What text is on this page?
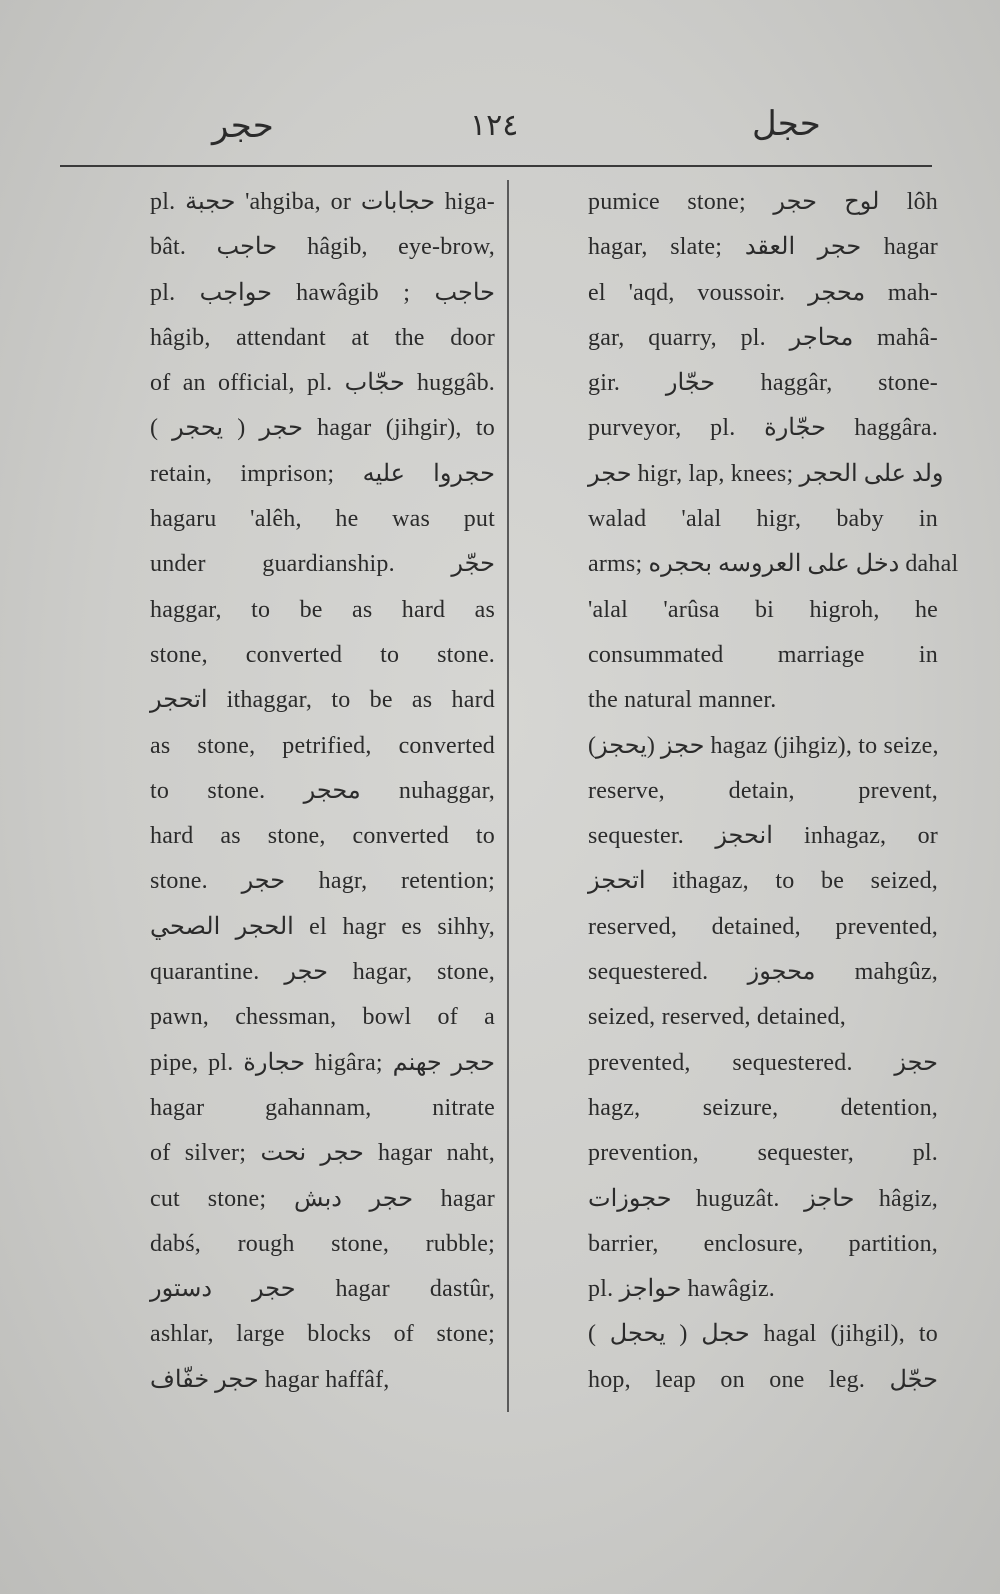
حجر	١٢٤	حجل
pl. حجبة 'ahgiba, or حجابات higa-
bât. حاجب hâgib, eye-brow,
pl. حواجب hawâgib ; حاجب
hâgib, attendant at the door
of an official, pl. حجّاب huggâb.
حجر ( يحجر ) hagar (jihgir), to
retain, imprison; حجروا عليه
hagaru 'alêh, he was put
under guardianship. حجّر
haggar, to be as hard as
stone, converted to stone.
اتحجر ithaggar, to be as hard
as stone, petrified, converted
to stone. محجر nuhaggar,
hard as stone, converted to
stone. حجر hagr, retention;
الحجر الصحي el hagr es sihhy,
quarantine. حجر hagar, stone,
pawn, chessman, bowl of a
pipe, pl. حجارة higâra; حجر جهنم
hagar gahannam, nitrate
of silver; حجر نحت hagar naht,
cut stone; حجر دبش hagar
dabś, rough stone, rubble;
حجر دستور hagar dastûr,
ashlar, large blocks of stone;
حجر خفّاف hagar haffâf,
pumice stone; لوح حجر lôh
hagar, slate; حجر العقد hagar
el 'aqd, voussoir. محجر mah-
gar, quarry, pl. محاجر mahâ-
gir. حجّار haggâr, stone-
purveyor, pl. حجّارة haggâra.
حجر higr, lap, knees; ولد على الحجر
walad 'alal higr, baby in
arms; دخل على العروسه بحجره dahal
'alal 'arûsa bi higroh, he
consummated marriage in
the natural manner.
حجز (يحجز) hagaz (jihgiz), to seize,
reserve, detain, prevent,
sequester. انحجز inhagaz, or
اتحجز ithagaz, to be seized,
reserved, detained, prevented,
sequestered. محجوز mahgûz,
seized, reserved, detained,
prevented, sequestered. حجز
hagz, seizure, detention,
prevention, sequester, pl.
حجوزات huguzât. حاجز hâgiz,
barrier, enclosure, partition,
pl. حواجز hawâgiz.
حجل ( يحجل ) hagal (jihgil), to
hop, leap on one leg. حجّل
